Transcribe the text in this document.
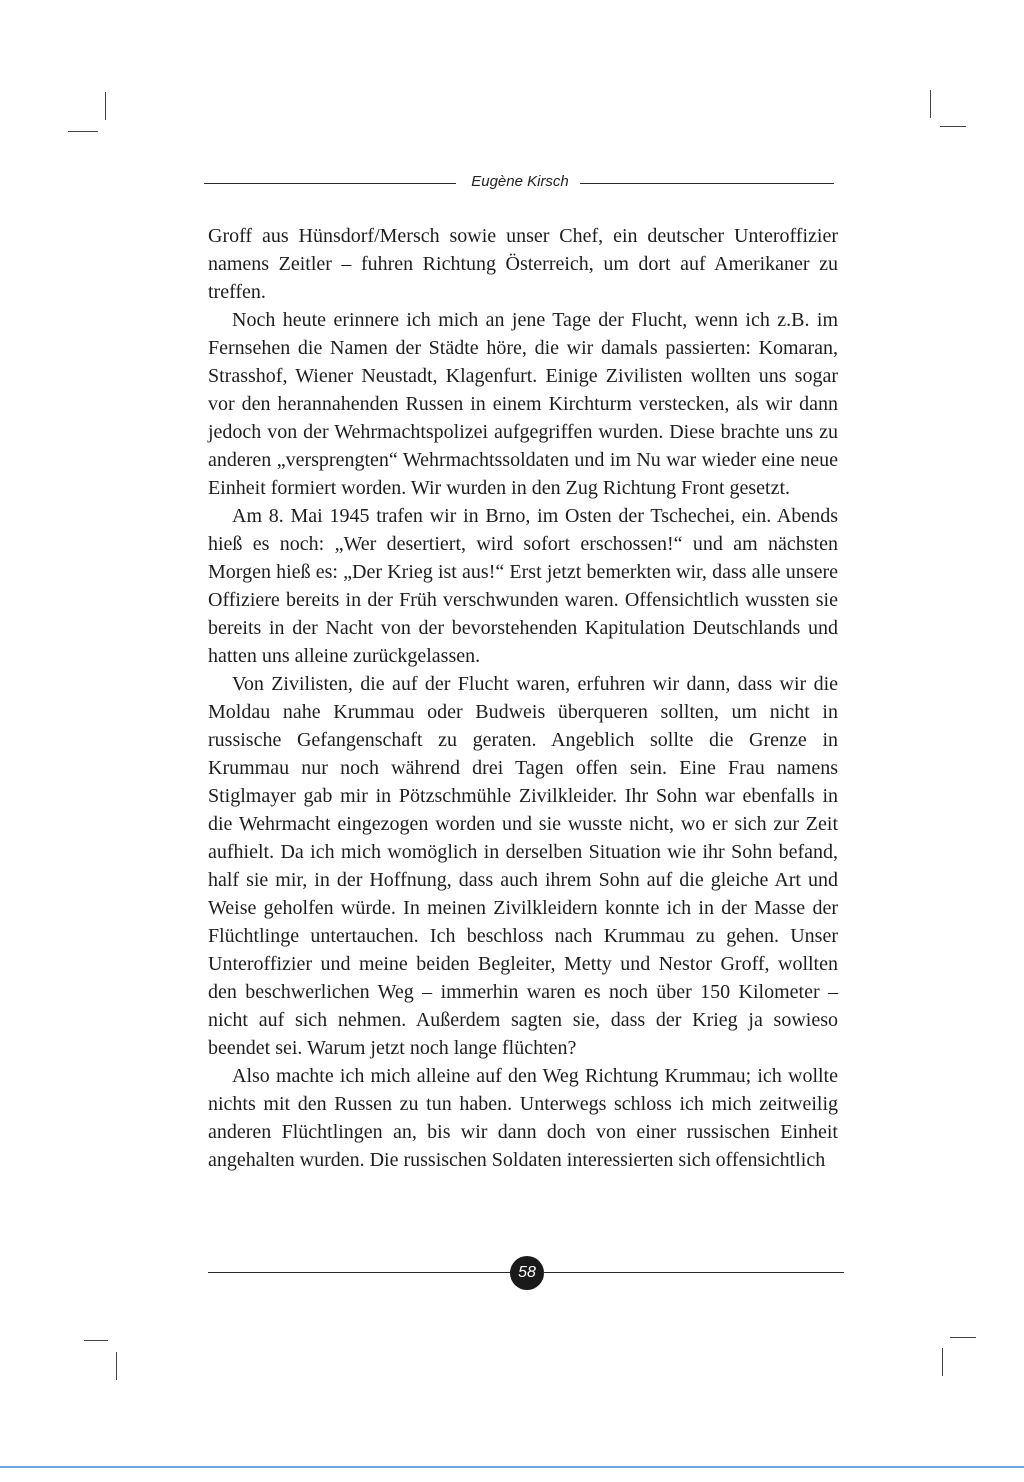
Eugène Kirsch

Groff aus Hünsdorf/Mersch sowie unser Chef, ein deutscher Unteroffizier namens Zeitler – fuhren Richtung Österreich, um dort auf Amerikaner zu treffen.

Noch heute erinnere ich mich an jene Tage der Flucht, wenn ich z.B. im Fernsehen die Namen der Städte höre, die wir damals passierten: Komaran, Strasshof, Wiener Neustadt, Klagenfurt. Einige Zivilisten wollten uns sogar vor den herannahenden Russen in einem Kirchturm verstecken, als wir dann jedoch von der Wehrmachtspolizei aufgegriffen wurden. Diese brachte uns zu anderen „versprengten“ Wehrmachtssoldaten und im Nu war wieder eine neue Einheit formiert worden. Wir wurden in den Zug Richtung Front gesetzt.

Am 8. Mai 1945 trafen wir in Brno, im Osten der Tschechei, ein. Abends hieß es noch: „Wer desertiert, wird sofort erschossen!“ und am nächsten Morgen hieß es: „Der Krieg ist aus!“ Erst jetzt bemerkten wir, dass alle unsere Offiziere bereits in der Früh verschwunden waren. Offensichtlich wussten sie bereits in der Nacht von der bevorstehenden Kapitulation Deutschlands und hatten uns alleine zurückgelassen.

Von Zivilisten, die auf der Flucht waren, erfuhren wir dann, dass wir die Moldau nahe Krummau oder Budweis überqueren sollten, um nicht in russische Gefangenschaft zu geraten. Angeblich sollte die Grenze in Krummau nur noch während drei Tagen offen sein. Eine Frau namens Stiglmayer gab mir in Pötzschmühle Zivilkleider. Ihr Sohn war ebenfalls in die Wehrmacht eingezogen worden und sie wusste nicht, wo er sich zur Zeit aufhielt. Da ich mich womöglich in derselben Situation wie ihr Sohn befand, half sie mir, in der Hoffnung, dass auch ihrem Sohn auf die gleiche Art und Weise geholfen würde. In meinen Zivilkleidern konnte ich in der Masse der Flüchtlinge untertauchen. Ich beschloss nach Krummau zu gehen. Unser Unteroffizier und meine beiden Begleiter, Metty und Nestor Groff, wollten den beschwerlichen Weg – immerhin waren es noch über 150 Kilometer – nicht auf sich nehmen. Außerdem sagten sie, dass der Krieg ja sowieso beendet sei. Warum jetzt noch lange flüchten?

Also machte ich mich alleine auf den Weg Richtung Krummau; ich wollte nichts mit den Russen zu tun haben. Unterwegs schloss ich mich zeitweilig anderen Flüchtlingen an, bis wir dann doch von einer russischen Einheit angehalten wurden. Die russischen Soldaten interessierten sich offensichtlich

58
